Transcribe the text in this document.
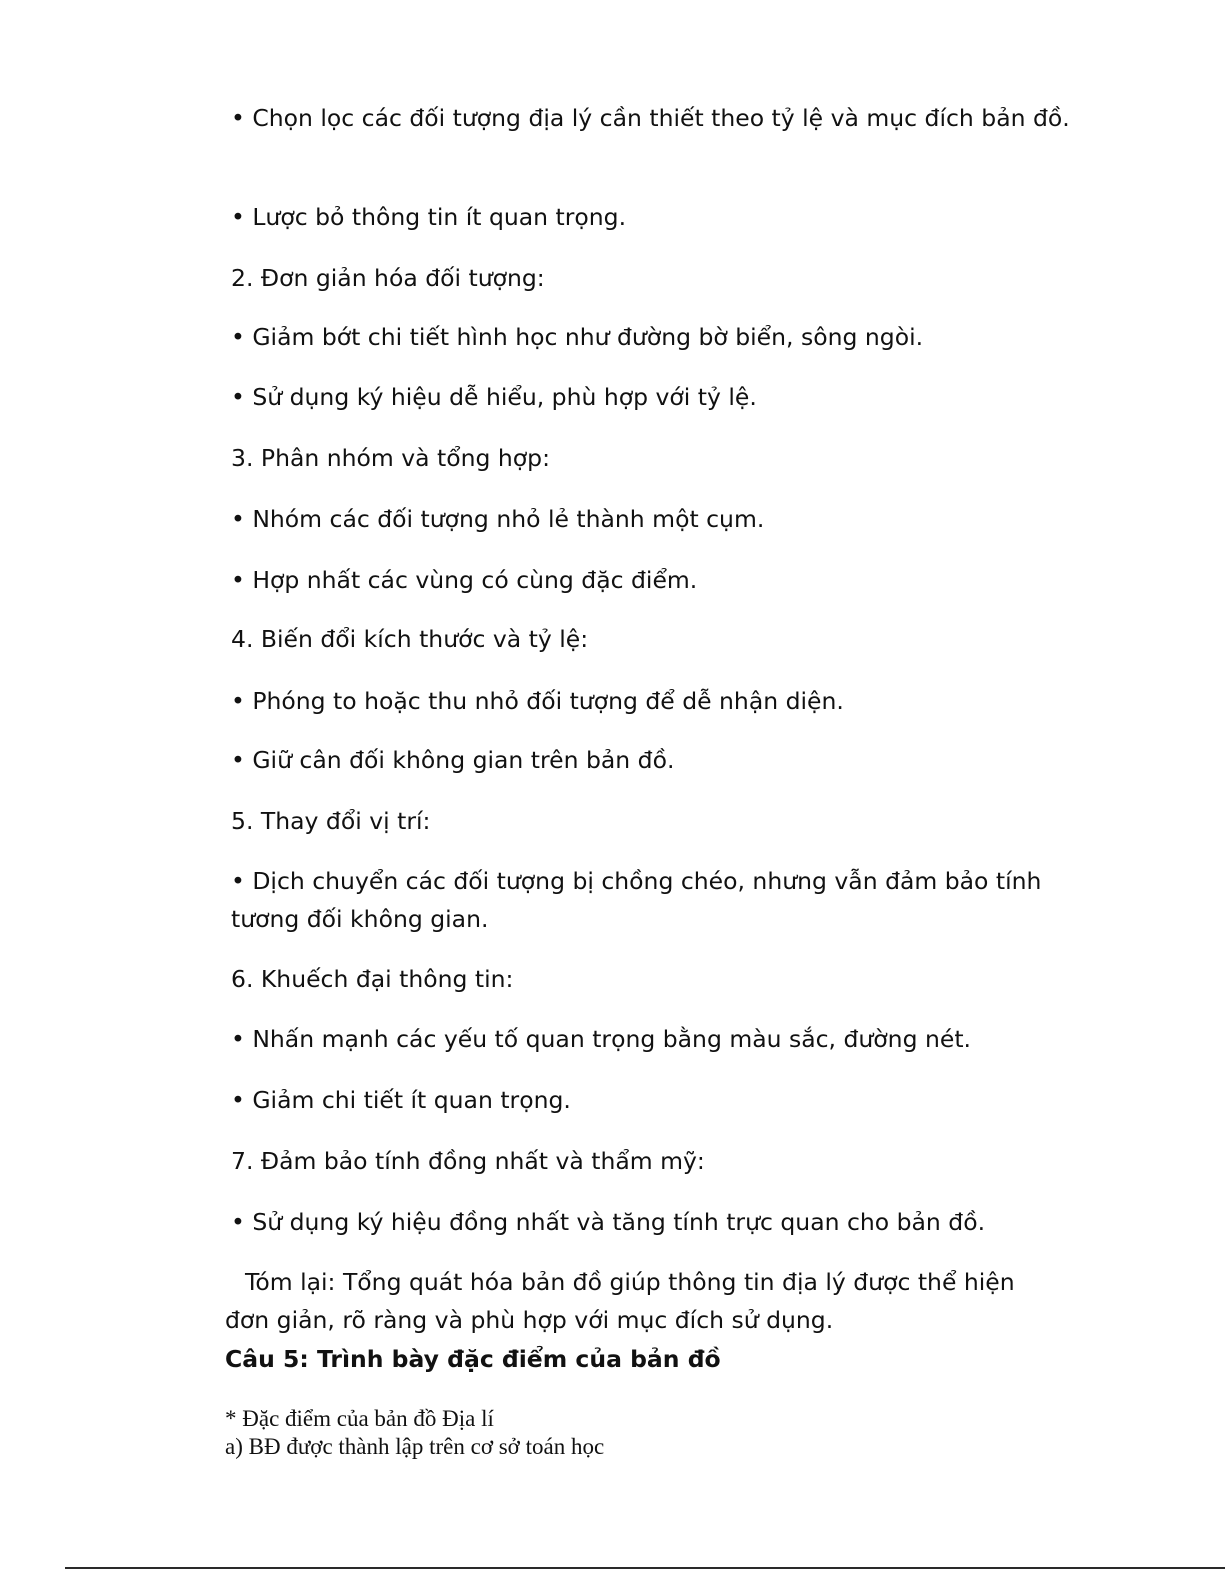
• Chọn lọc các đối tượng địa lý cần thiết theo tỷ lệ và mục đích bản đồ.
• Lược bỏ thông tin ít quan trọng.
2. Đơn giản hóa đối tượng:
• Giảm bớt chi tiết hình học như đường bờ biển, sông ngòi.
• Sử dụng ký hiệu dễ hiểu, phù hợp với tỷ lệ.
3. Phân nhóm và tổng hợp:
• Nhóm các đối tượng nhỏ lẻ thành một cụm.
• Hợp nhất các vùng có cùng đặc điểm.
4. Biến đổi kích thước và tỷ lệ:
• Phóng to hoặc thu nhỏ đối tượng để dễ nhận diện.
• Giữ cân đối không gian trên bản đồ.
5. Thay đổi vị trí:
• Dịch chuyển các đối tượng bị chồng chéo, nhưng vẫn đảm bảo tính tương đối không gian.
6. Khuếch đại thông tin:
• Nhấn mạnh các yếu tố quan trọng bằng màu sắc, đường nét.
• Giảm chi tiết ít quan trọng.
7. Đảm bảo tính đồng nhất và thẩm mỹ:
• Sử dụng ký hiệu đồng nhất và tăng tính trực quan cho bản đồ.
Tóm lại: Tổng quát hóa bản đồ giúp thông tin địa lý được thể hiện đơn giản, rõ ràng và phù hợp với mục đích sử dụng.
Câu 5: Trình bày đặc điểm của bản đồ
* Đặc điểm của bản đồ Địa lí
a) BĐ được thành lập trên cơ sở toán học
